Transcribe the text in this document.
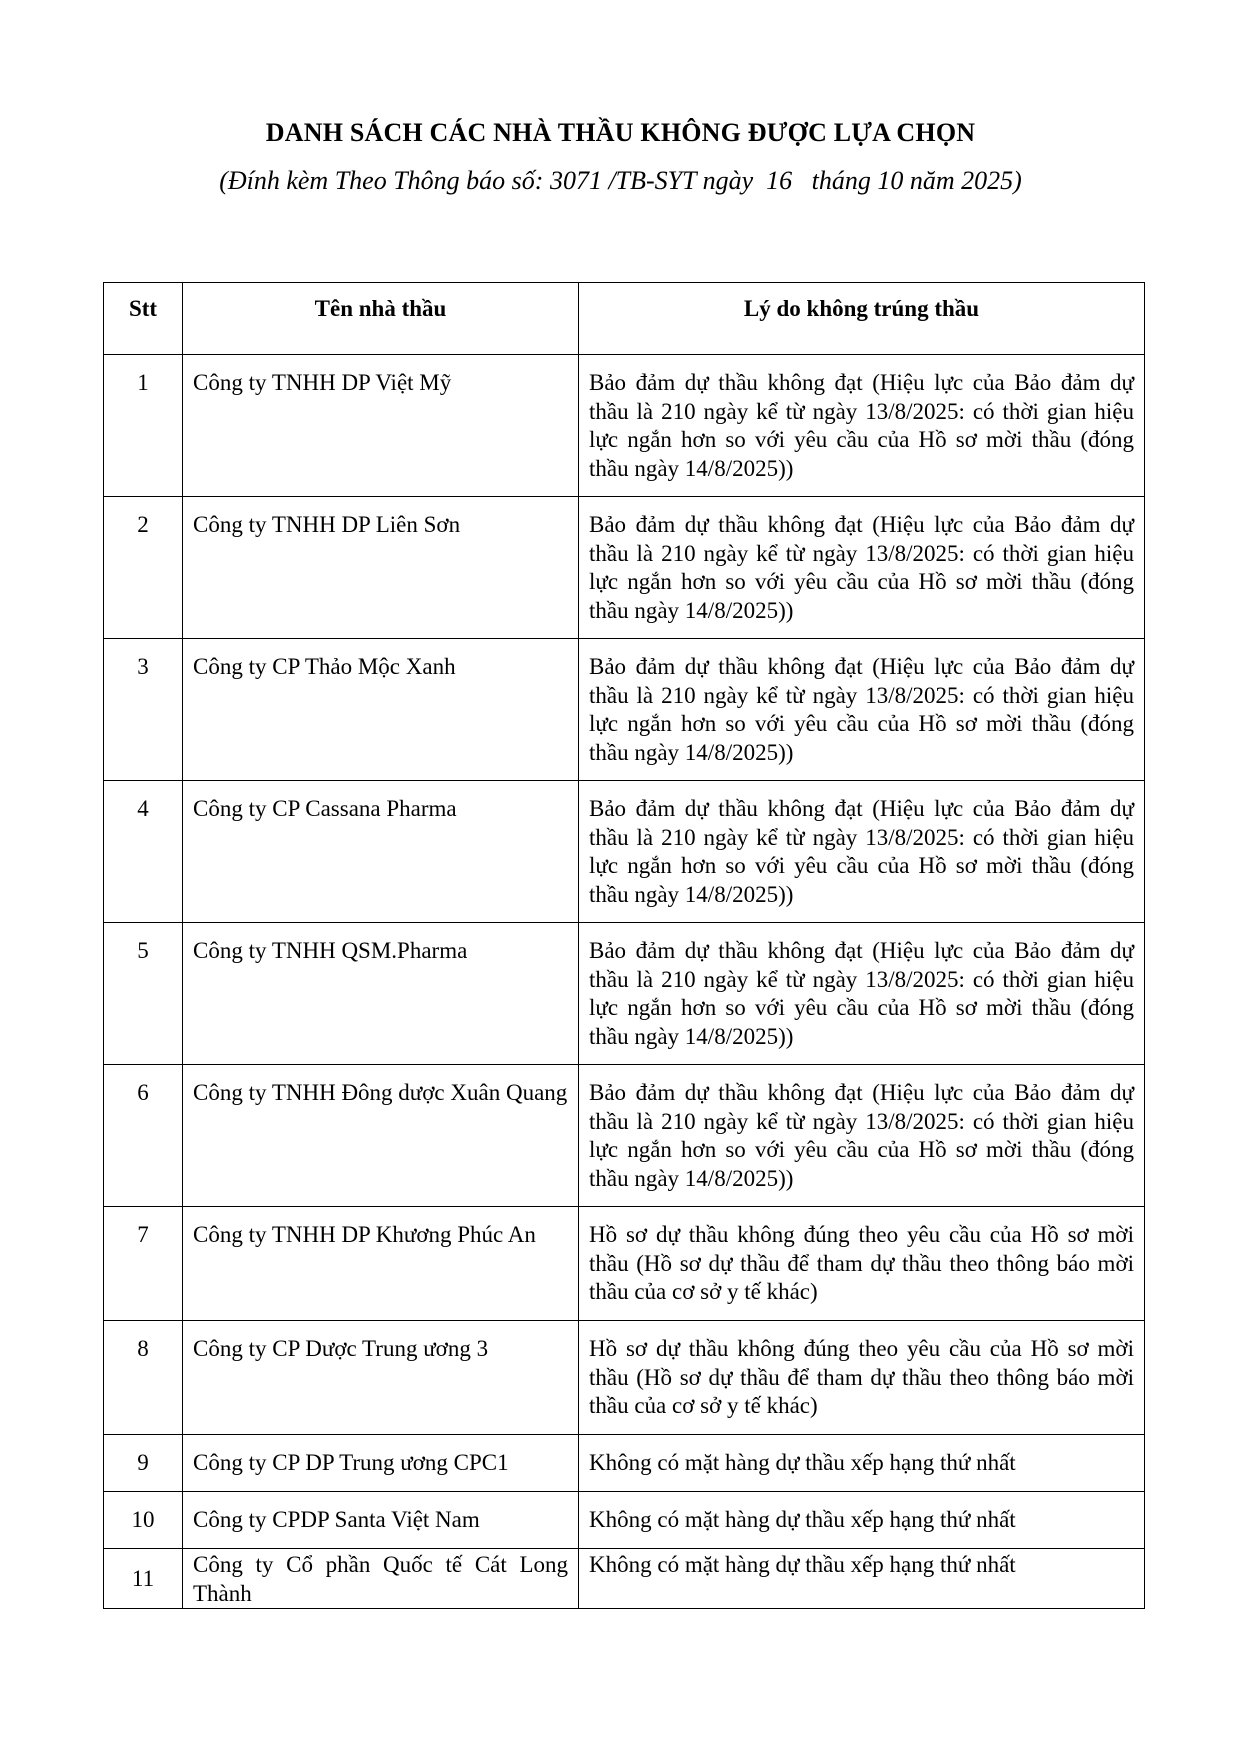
DANH SÁCH CÁC NHÀ THẦU KHÔNG ĐƯỢC LỰA CHỌN
(Đính kèm Theo Thông báo số: 3071 /TB-SYT ngày  16   tháng 10 năm 2025)
Stt	Tên nhà thầu	Lý do không trúng thầu
1	Công ty TNHH DP Việt Mỹ	Bảo đảm dự thầu không đạt (Hiệu lực của Bảo đảm dự thầu là 210 ngày kể từ ngày 13/8/2025: có thời gian hiệu lực ngắn hơn so với yêu cầu của Hồ sơ mời thầu (đóng thầu ngày 14/8/2025))
2	Công ty TNHH DP Liên Sơn	Bảo đảm dự thầu không đạt (Hiệu lực của Bảo đảm dự thầu là 210 ngày kể từ ngày 13/8/2025: có thời gian hiệu lực ngắn hơn so với yêu cầu của Hồ sơ mời thầu (đóng thầu ngày 14/8/2025))
3	Công ty CP Thảo Mộc Xanh	Bảo đảm dự thầu không đạt (Hiệu lực của Bảo đảm dự thầu là 210 ngày kể từ ngày 13/8/2025: có thời gian hiệu lực ngắn hơn so với yêu cầu của Hồ sơ mời thầu (đóng thầu ngày 14/8/2025))
4	Công ty CP Cassana Pharma	Bảo đảm dự thầu không đạt (Hiệu lực của Bảo đảm dự thầu là 210 ngày kể từ ngày 13/8/2025: có thời gian hiệu lực ngắn hơn so với yêu cầu của Hồ sơ mời thầu (đóng thầu ngày 14/8/2025))
5	Công ty TNHH QSM.Pharma	Bảo đảm dự thầu không đạt (Hiệu lực của Bảo đảm dự thầu là 210 ngày kể từ ngày 13/8/2025: có thời gian hiệu lực ngắn hơn so với yêu cầu của Hồ sơ mời thầu (đóng thầu ngày 14/8/2025))
6	Công ty TNHH Đông dược Xuân Quang	Bảo đảm dự thầu không đạt (Hiệu lực của Bảo đảm dự thầu là 210 ngày kể từ ngày 13/8/2025: có thời gian hiệu lực ngắn hơn so với yêu cầu của Hồ sơ mời thầu (đóng thầu ngày 14/8/2025))
7	Công ty TNHH DP Khương Phúc An	Hồ sơ dự thầu không đúng theo yêu cầu của Hồ sơ mời thầu (Hồ sơ dự thầu để tham dự thầu theo thông báo mời thầu của cơ sở y tế khác)
8	Công ty CP Dược Trung ương 3	Hồ sơ dự thầu không đúng theo yêu cầu của Hồ sơ mời thầu (Hồ sơ dự thầu để tham dự thầu theo thông báo mời thầu của cơ sở y tế khác)
9	Công ty CP DP Trung ương CPC1	Không có mặt hàng dự thầu xếp hạng thứ nhất
10	Công ty CPDP Santa Việt Nam	Không có mặt hàng dự thầu xếp hạng thứ nhất
11	Công ty Cổ phần Quốc tế Cát Long Thành	Không có mặt hàng dự thầu xếp hạng thứ nhất
